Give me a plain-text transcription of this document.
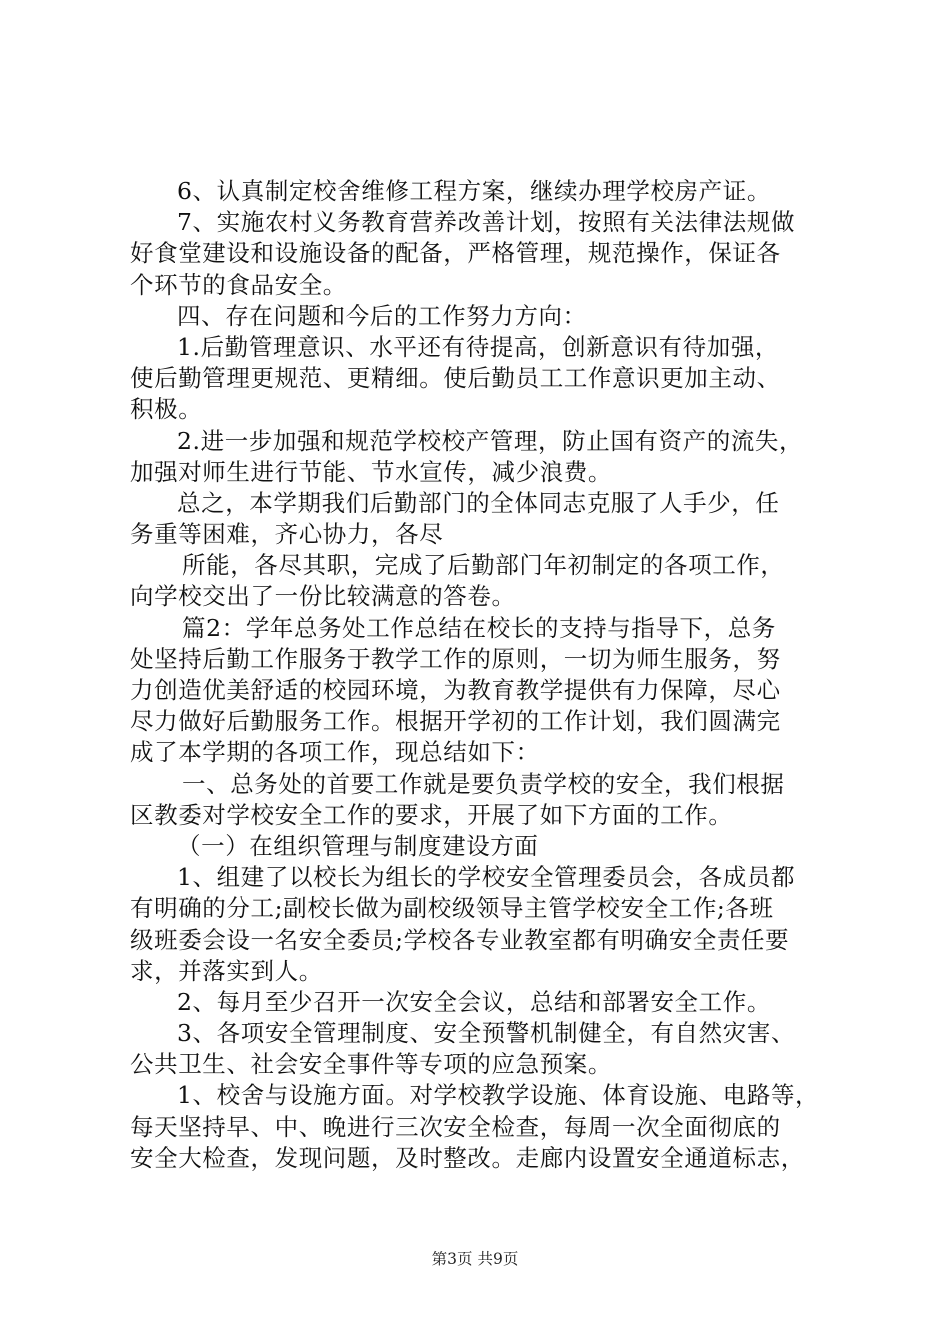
6、认真制定校舍维修工程方案，继续办理学校房产证。
7、实施农村义务教育营养改善计划，按照有关法律法规做
好食堂建设和设施设备的配备，严格管理，规范操作，保证各
个环节的食品安全。
四、存在问题和今后的工作努力方向：
1.后勤管理意识、水平还有待提高，创新意识有待加强，
使后勤管理更规范、更精细。使后勤员工工作意识更加主动、
积极。
2.进一步加强和规范学校校产管理，防止国有资产的流失，
加强对师生进行节能、节水宣传，减少浪费。
总之，本学期我们后勤部门的全体同志克服了人手少，任
务重等困难，齐心协力，各尽
所能，各尽其职，完成了后勤部门年初制定的各项工作，
向学校交出了一份比较满意的答卷。
篇2：学年总务处工作总结在校长的支持与指导下，总务
处坚持后勤工作服务于教学工作的原则，一切为师生服务，努
力创造优美舒适的校园环境，为教育教学提供有力保障，尽心
尽力做好后勤服务工作。根据开学初的工作计划，我们圆满完
成了本学期的各项工作，现总结如下：
一、总务处的首要工作就是要负责学校的安全，我们根据
区教委对学校安全工作的要求，开展了如下方面的工作。
（一）在组织管理与制度建设方面
1、组建了以校长为组长的学校安全管理委员会，各成员都
有明确的分工;副校长做为副校级领导主管学校安全工作;各班
级班委会设一名安全委员;学校各专业教室都有明确安全责任要
求，并落实到人。
2、每月至少召开一次安全会议，总结和部署安全工作。
3、各项安全管理制度、安全预警机制健全，有自然灾害、
公共卫生、社会安全事件等专项的应急预案。
1、校舍与设施方面。对学校教学设施、体育设施、电路等，
每天坚持早、中、晚进行三次安全检查，每周一次全面彻底的
安全大检查，发现问题，及时整改。走廊内设置安全通道标志，
第3页 共9页
